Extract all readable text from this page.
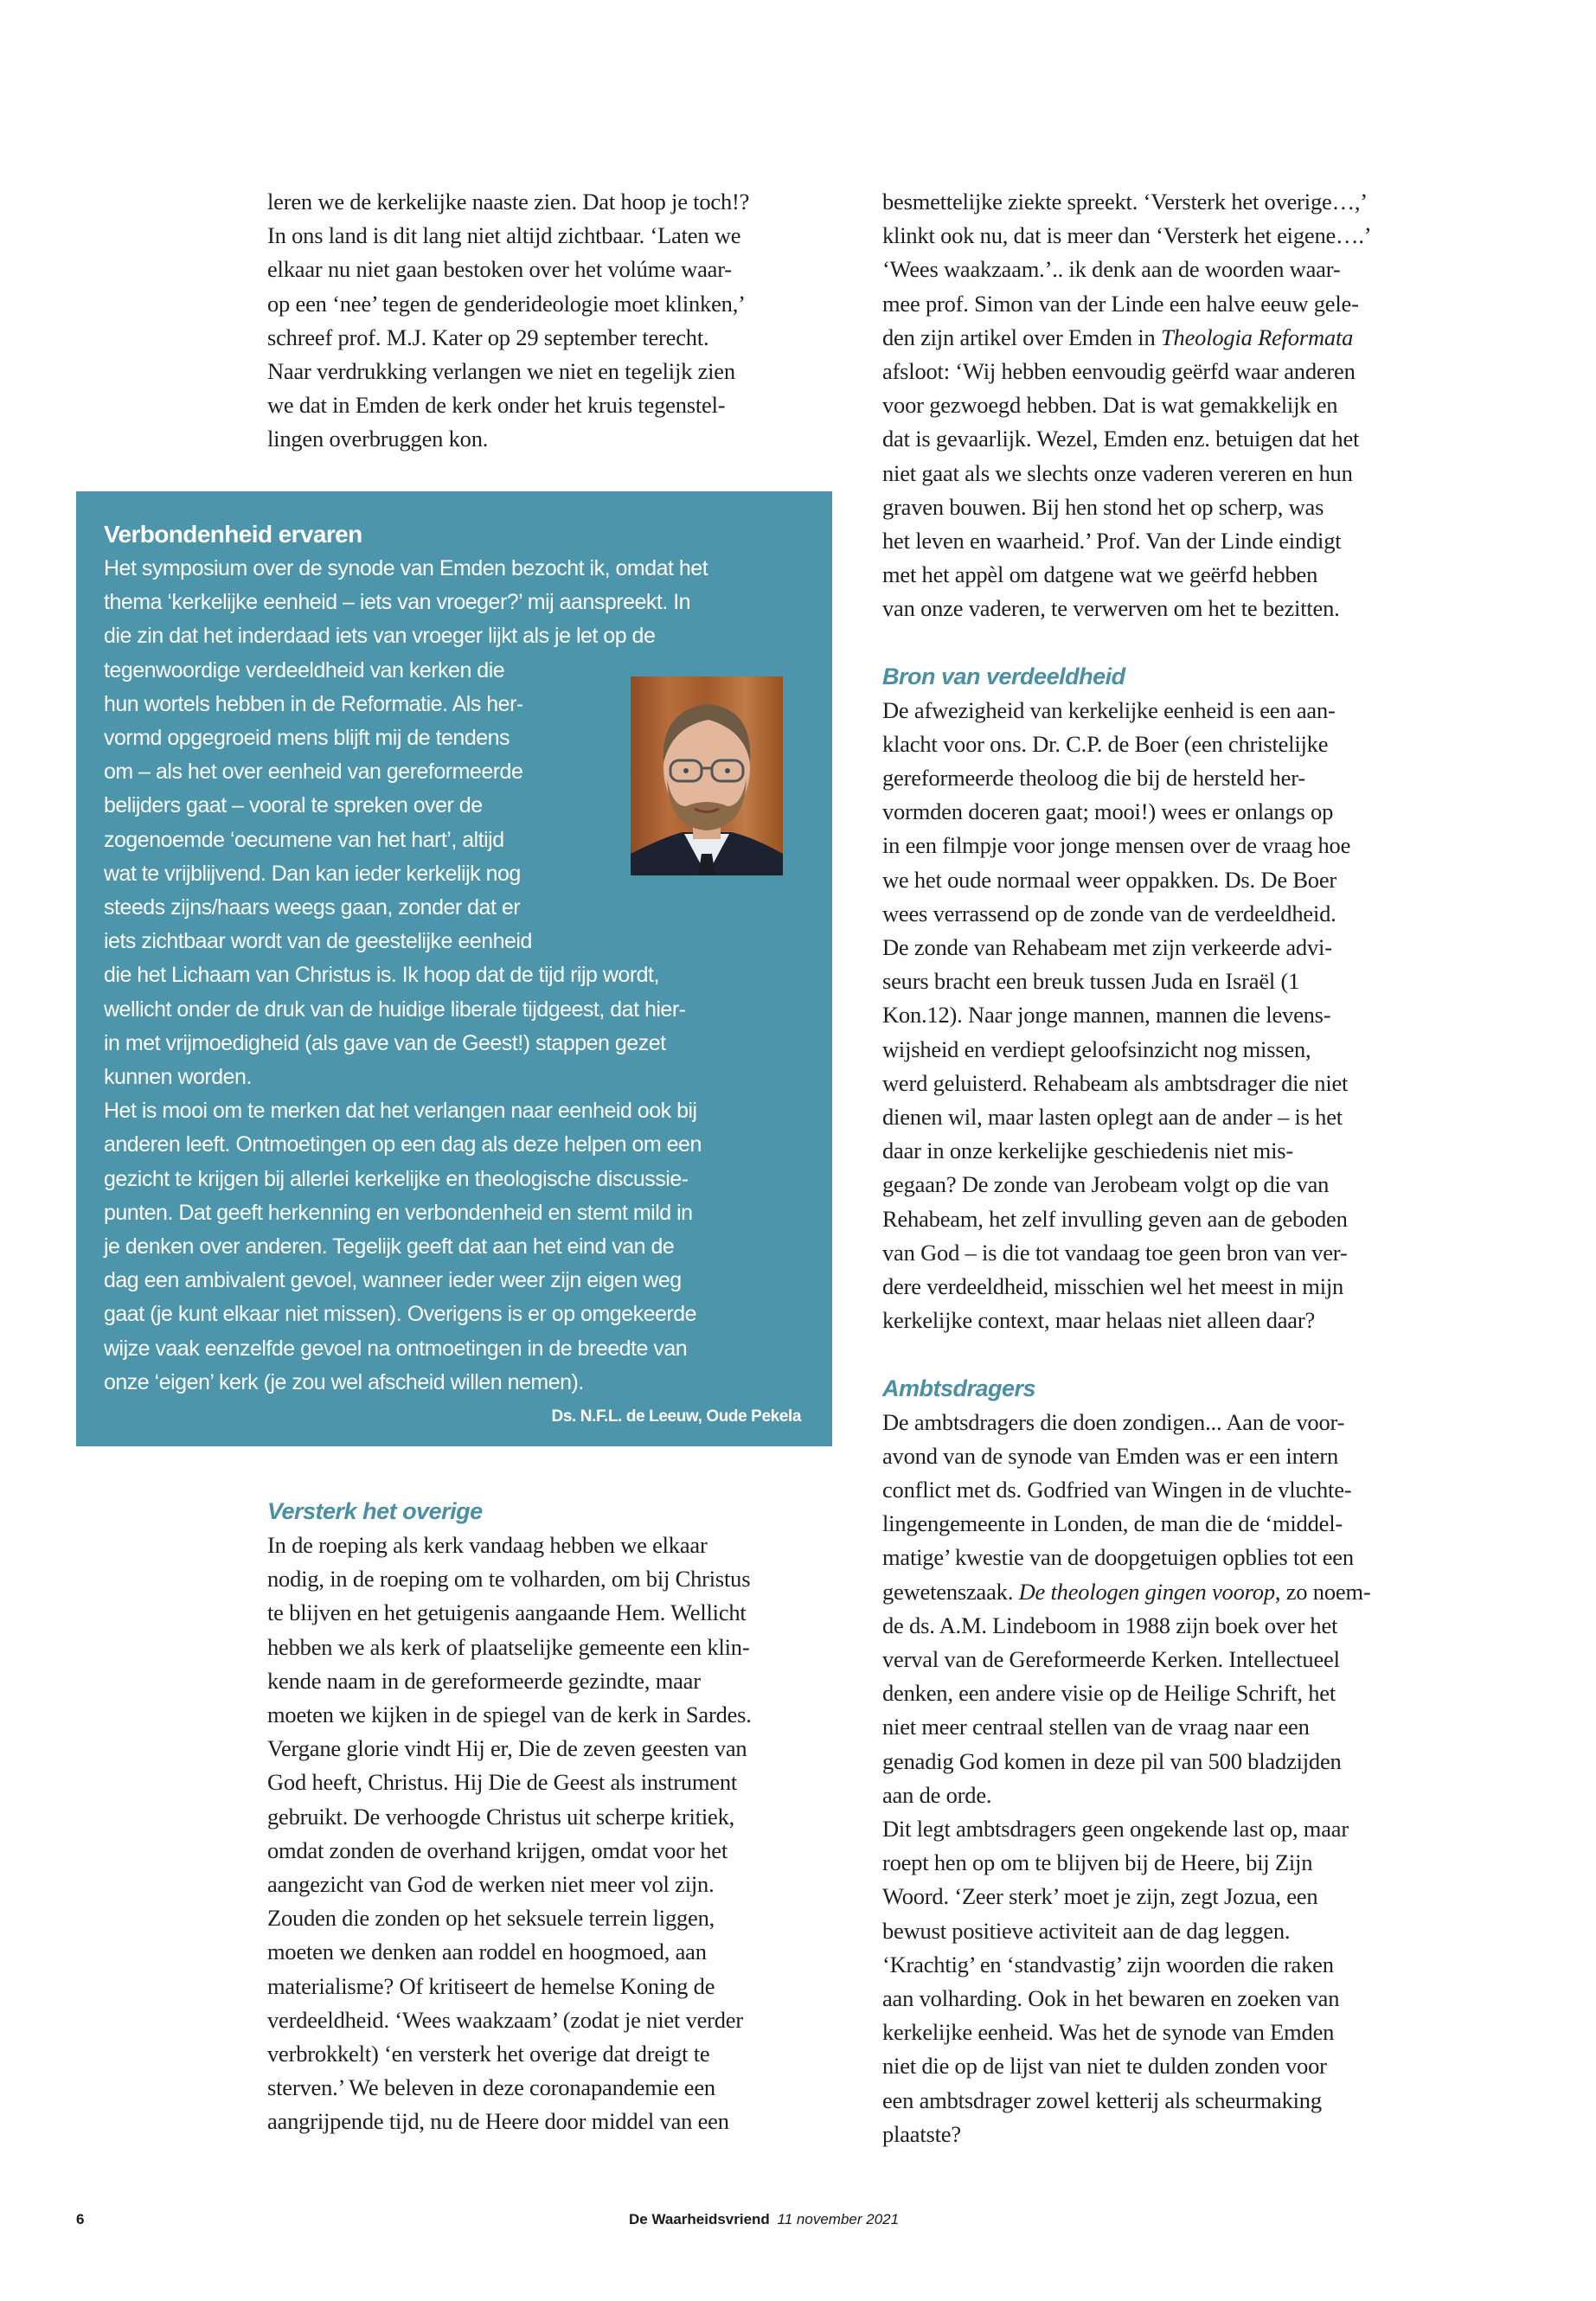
leren we de kerkelijke naaste zien. Dat hoop je toch!?
In ons land is dit lang niet altijd zichtbaar. ‘Laten we
elkaar nu niet gaan bestoken over het volúme waar-
op een ‘nee’ tegen de genderideologie moet klinken,’
schreef prof. M.J. Kater op 29 september terecht.
Naar verdrukking verlangen we niet en tegelijk zien
we dat in Emden de kerk onder het kruis tegenstel-
lingen overbruggen kon.

Verbondenheid ervaren
Het symposium over de synode van Emden bezocht ik, omdat het
thema ‘kerkelijke eenheid – iets van vroeger?’ mij aanspreekt. In
die zin dat het inderdaad iets van vroeger lijkt als je let op de
tegenwoordige verdeeldheid van kerken die
hun wortels hebben in de Reformatie. Als her-
vormd opgegroeid mens blijft mij de tendens
om – als het over eenheid van gereformeerde
belijders gaat – vooral te spreken over de
zogenoemde ‘oecumene van het hart’, altijd
wat te vrijblijvend. Dan kan ieder kerkelijk nog
steeds zijns/haars weegs gaan, zonder dat er
iets zichtbaar wordt van de geestelijke eenheid
die het Lichaam van Christus is. Ik hoop dat de tijd rijp wordt,
wellicht onder de druk van de huidige liberale tijdgeest, dat hier-
in met vrijmoedigheid (als gave van de Geest!) stappen gezet
kunnen worden.
Het is mooi om te merken dat het verlangen naar eenheid ook bij
anderen leeft. Ontmoetingen op een dag als deze helpen om een
gezicht te krijgen bij allerlei kerkelijke en theologische discussie-
punten. Dat geeft herkenning en verbondenheid en stemt mild in
je denken over anderen. Tegelijk geeft dat aan het eind van de
dag een ambivalent gevoel, wanneer ieder weer zijn eigen weg
gaat (je kunt elkaar niet missen). Overigens is er op omgekeerde
wijze vaak eenzelfde gevoel na ontmoetingen in de breedte van
onze ‘eigen’ kerk (je zou wel afscheid willen nemen).
Ds. N.F.L. de Leeuw, Oude Pekela
Versterk het overige

In de roeping als kerk vandaag hebben we elkaar
nodig, in de roeping om te volharden, om bij Christus
te blijven en het getuigenis aangaande Hem. Wellicht
hebben we als kerk of plaatselijke gemeente een klin-
kende naam in de gereformeerde gezindte, maar
moeten we kijken in de spiegel van de kerk in Sardes.
Vergane glorie vindt Hij er, Die de zeven geesten van
God heeft, Christus. Hij Die de Geest als instrument
gebruikt. De verhoogde Christus uit scherpe kritiek,
omdat zonden de overhand krijgen, omdat voor het
aangezicht van God de werken niet meer vol zijn.
Zouden die zonden op het seksuele terrein liggen,
moeten we denken aan roddel en hoogmoed, aan
materialisme? Of kritiseert de hemelse Koning de
verdeeldheid. ‘Wees waakzaam’ (zodat je niet verder
verbrokkelt) ‘en versterk het overige dat dreigt te
sterven.’ We beleven in deze coronapandemie een
aangrijpende tijd, nu de Heere door middel van een

besmettelijke ziekte spreekt. ‘Versterk het overige…,’
klinkt ook nu, dat is meer dan ‘Versterk het eigene….’
‘Wees waakzaam.’.. ik denk aan de woorden waar-
mee prof. Simon van der Linde een halve eeuw gele-
den zijn artikel over Emden in Theologia Reformata
afsloot: ‘Wij hebben eenvoudig geërfd waar anderen
voor gezwoegd hebben. Dat is wat gemakkelijk en
dat is gevaarlijk. Wezel, Emden enz. betuigen dat het
niet gaat als we slechts onze vaderen vereren en hun
graven bouwen. Bij hen stond het op scherp, was
het leven en waarheid.’ Prof. Van der Linde eindigt
met het appèl om datgene wat we geërfd hebben
van onze vaderen, te verwerven om het te bezitten.

Bron van verdeeldheid

De afwezigheid van kerkelijke eenheid is een aan-
klacht voor ons. Dr. C.P. de Boer (een christelijke
gereformeerde theoloog die bij de hersteld her-
vormden doceren gaat; mooi!) wees er onlangs op
in een filmpje voor jonge mensen over de vraag hoe
we het oude normaal weer oppakken. Ds. De Boer
wees verrassend op de zonde van de verdeeldheid.
De zonde van Rehabeam met zijn verkeerde advi-
seurs bracht een breuk tussen Juda en Israël (1
Kon.12). Naar jonge mannen, mannen die levens-
wijsheid en verdiept geloofsinzicht nog missen,
werd geluisterd. Rehabeam als ambtsdrager die niet
dienen wil, maar lasten oplegt aan de ander – is het
daar in onze kerkelijke geschiedenis niet mis-
gegaan? De zonde van Jerobeam volgt op die van
Rehabeam, het zelf invulling geven aan de geboden
van God – is die tot vandaag toe geen bron van ver-
dere verdeeldheid, misschien wel het meest in mijn
kerkelijke context, maar helaas niet alleen daar?

Ambtsdragers

De ambtsdragers die doen zondigen... Aan de voor-
avond van de synode van Emden was er een intern
conflict met ds. Godfried van Wingen in de vluchte-
lingengemeente in Londen, de man die de ‘middel-
matige’ kwestie van de doopgetuigen opblies tot een
gewetenszaak. De theologen gingen voorop, zo noem-
de ds. A.M. Lindeboom in 1988 zijn boek over het
verval van de Gereformeerde Kerken. Intellectueel
denken, een andere visie op de Heilige Schrift, het
niet meer centraal stellen van de vraag naar een
genadig God komen in deze pil van 500 bladzijden
aan de orde.
Dit legt ambtsdragers geen ongekende last op, maar
roept hen op om te blijven bij de Heere, bij Zijn
Woord. ‘Zeer sterk’ moet je zijn, zegt Jozua, een
bewust positieve activiteit aan de dag leggen.
‘Krachtig’ en ‘standvastig’ zijn woorden die raken
aan volharding. Ook in het bewaren en zoeken van
kerkelijke eenheid. Was het de synode van Emden
niet die op de lijst van niet te dulden zonden voor
een ambtsdrager zowel ketterij als scheurmaking
plaatste?

6	De Waarheidsvriend 11 november 2021
